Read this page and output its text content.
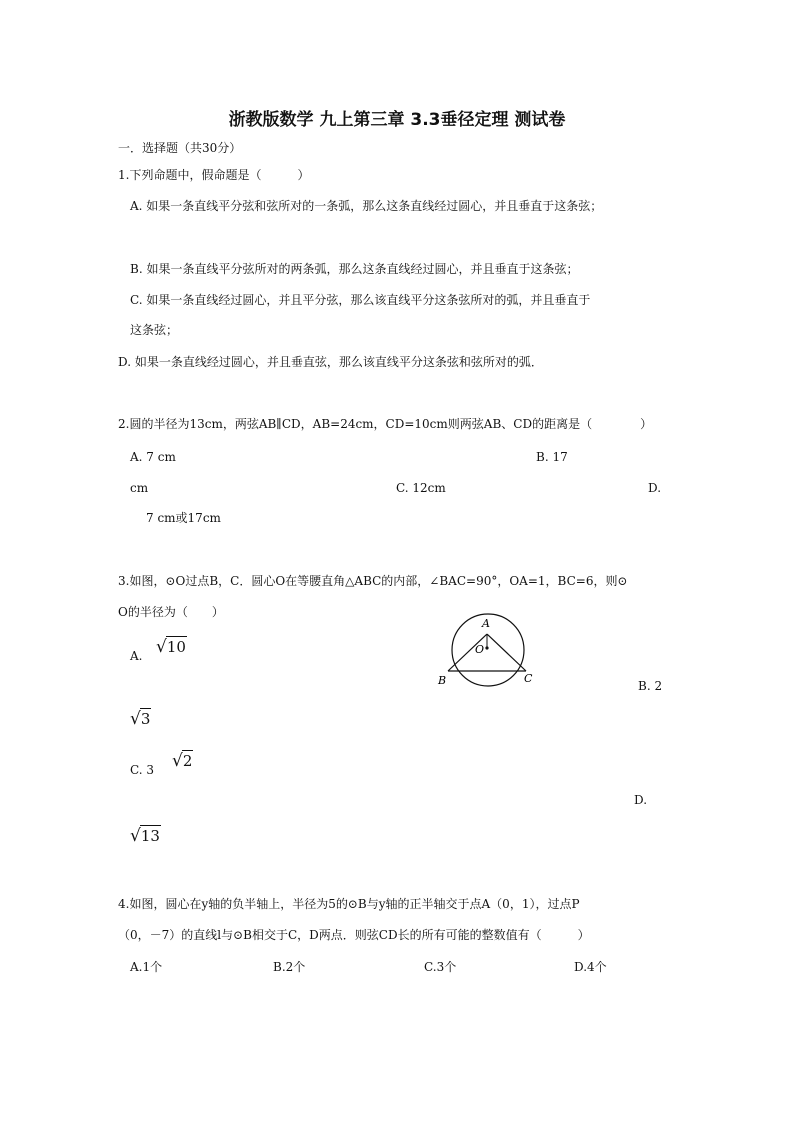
浙教版数学 九上第三章 3.3垂径定理 测试卷
一．选择题（共30分）
1.下列命题中，假命题是（　　　）
A. 如果一条直线平分弦和弦所对的一条弧，那么这条直线经过圆心，并且垂直于这条弦；
B. 如果一条直线平分弦所对的两条弧，那么这条直线经过圆心，并且垂直于这条弦；
C. 如果一条直线经过圆心，并且平分弦，那么该直线平分这条弦所对的弧，并且垂直于
这条弦；
D. 如果一条直线经过圆心，并且垂直弦，那么该直线平分这条弦和弦所对的弧．
2.圆的半径为13cm，两弦AB∥CD，AB=24cm，CD=10cm则两弦AB、CD的距离是（　　　　）
A. 7 cm	B. 17
cm	C. 12cm	D.
7 cm或17cm
3.如图，⊙O过点B，C．圆心O在等腰直角△ABC的内部，∠BAC=90°，OA=1，BC=6，则⊙
O的半径为（　　）
A
O
B	C
A. √10
B. 2
√3
C. 3 √2
D.
√13
4.如图，圆心在y轴的负半轴上，半径为5的⊙B与y轴的正半轴交于点A（0，1），过点P
（0，－7）的直线l与⊙B相交于C，D两点．则弦CD长的所有可能的整数值有（　　　）
A.1个	B.2个	C.3个	D.4个
